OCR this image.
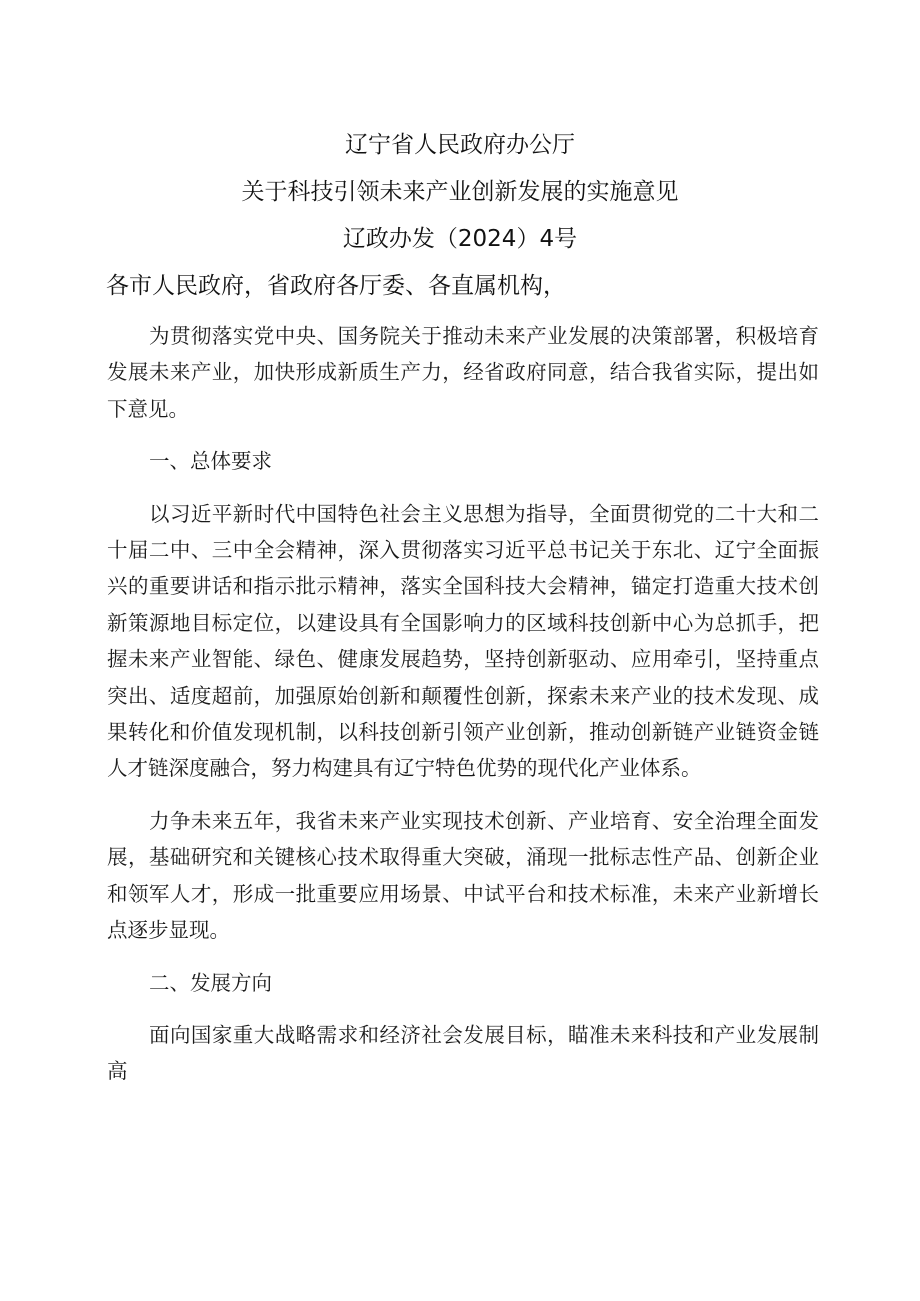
辽宁省人民政府办公厅
关于科技引领未来产业创新发展的实施意见
辽政办发（2024）4号
各市人民政府，省政府各厅委、各直属机构，

为贯彻落实党中央、国务院关于推动未来产业发展的决策部署，积极培育发展未来产业，加快形成新质生产力，经省政府同意，结合我省实际，提出如下意见。

一、总体要求

以习近平新时代中国特色社会主义思想为指导，全面贯彻党的二十大和二十届二中、三中全会精神，深入贯彻落实习近平总书记关于东北、辽宁全面振兴的重要讲话和指示批示精神，落实全国科技大会精神，锚定打造重大技术创新策源地目标定位，以建设具有全国影响力的区域科技创新中心为总抓手，把握未来产业智能、绿色、健康发展趋势，坚持创新驱动、应用牵引，坚持重点突出、适度超前，加强原始创新和颠覆性创新，探索未来产业的技术发现、成果转化和价值发现机制，以科技创新引领产业创新，推动创新链产业链资金链人才链深度融合，努力构建具有辽宁特色优势的现代化产业体系。

力争未来五年，我省未来产业实现技术创新、产业培育、安全治理全面发展，基础研究和关键核心技术取得重大突破，涌现一批标志性产品、创新企业和领军人才，形成一批重要应用场景、中试平台和技术标准，未来产业新增长点逐步显现。

二、发展方向

面向国家重大战略需求和经济社会发展目标，瞄准未来科技和产业发展制高
